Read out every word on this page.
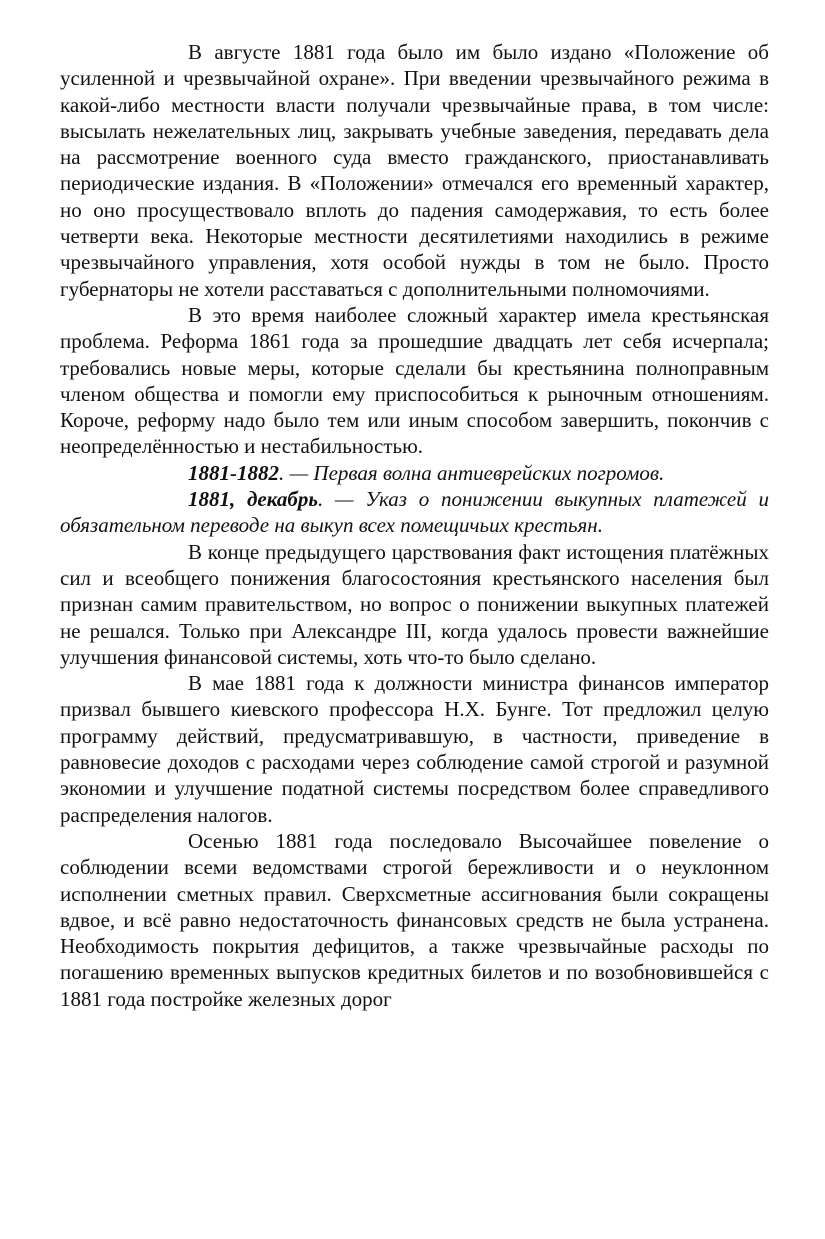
В августе 1881 года было им было издано «Положение об усиленной и чрезвычайной охране». При введении чрезвычайного режима в какой-либо местности власти получали чрезвычайные права, в том числе: высылать нежелательных лиц, закрывать учебные заведения, передавать дела на рассмотрение военного суда вместо гражданского, приостанавливать периодические издания. В «Положении» отмечался его временный характер, но оно просуществовало вплоть до падения самодержавия, то есть более четверти века. Некоторые местности десятилетиями находились в режиме чрезвычайного управления, хотя особой нужды в том не было. Просто губернаторы не хотели расставаться с дополнительными полномочиями.

В это время наиболее сложный характер имела крестьянская проблема. Реформа 1861 года за прошедшие двадцать лет себя исчерпала; требовались новые меры, которые сделали бы крестьянина полноправным членом общества и помогли ему приспособиться к рыночным отношениям. Короче, реформу надо было тем или иным способом завершить, покончив с неопределённостью и нестабильностью.

1881-1882. — Первая волна антиеврейских погромов.

1881, декабрь. — Указ о понижении выкупных платежей и обязательном переводе на выкуп всех помещичьих крестьян.

В конце предыдущего царствования факт истощения платёжных сил и всеобщего понижения благосостояния крестьянского населения был признан самим правительством, но вопрос о понижении выкупных платежей не решался. Только при Александре III, когда удалось провести важнейшие улучшения финансовой системы, хоть что-то было сделано.

В мае 1881 года к должности министра финансов император призвал бывшего киевского профессора Н.Х. Бунге. Тот предложил целую программу действий, предусматривавшую, в частности, приведение в равновесие доходов с расходами через соблюдение самой строгой и разумной экономии и улучшение податной системы посредством более справедливого распределения налогов.

Осенью 1881 года последовало Высочайшее повеление о соблюдении всеми ведомствами строгой бережливости и о неуклонном исполнении сметных правил. Сверхсметные ассигнования были сокращены вдвое, и всё равно недостаточность финансовых средств не была устранена. Необходимость покрытия дефицитов, а также чрезвычайные расходы по погашению временных выпусков кредитных билетов и по возобновившейся с 1881 года постройке железных дорог
